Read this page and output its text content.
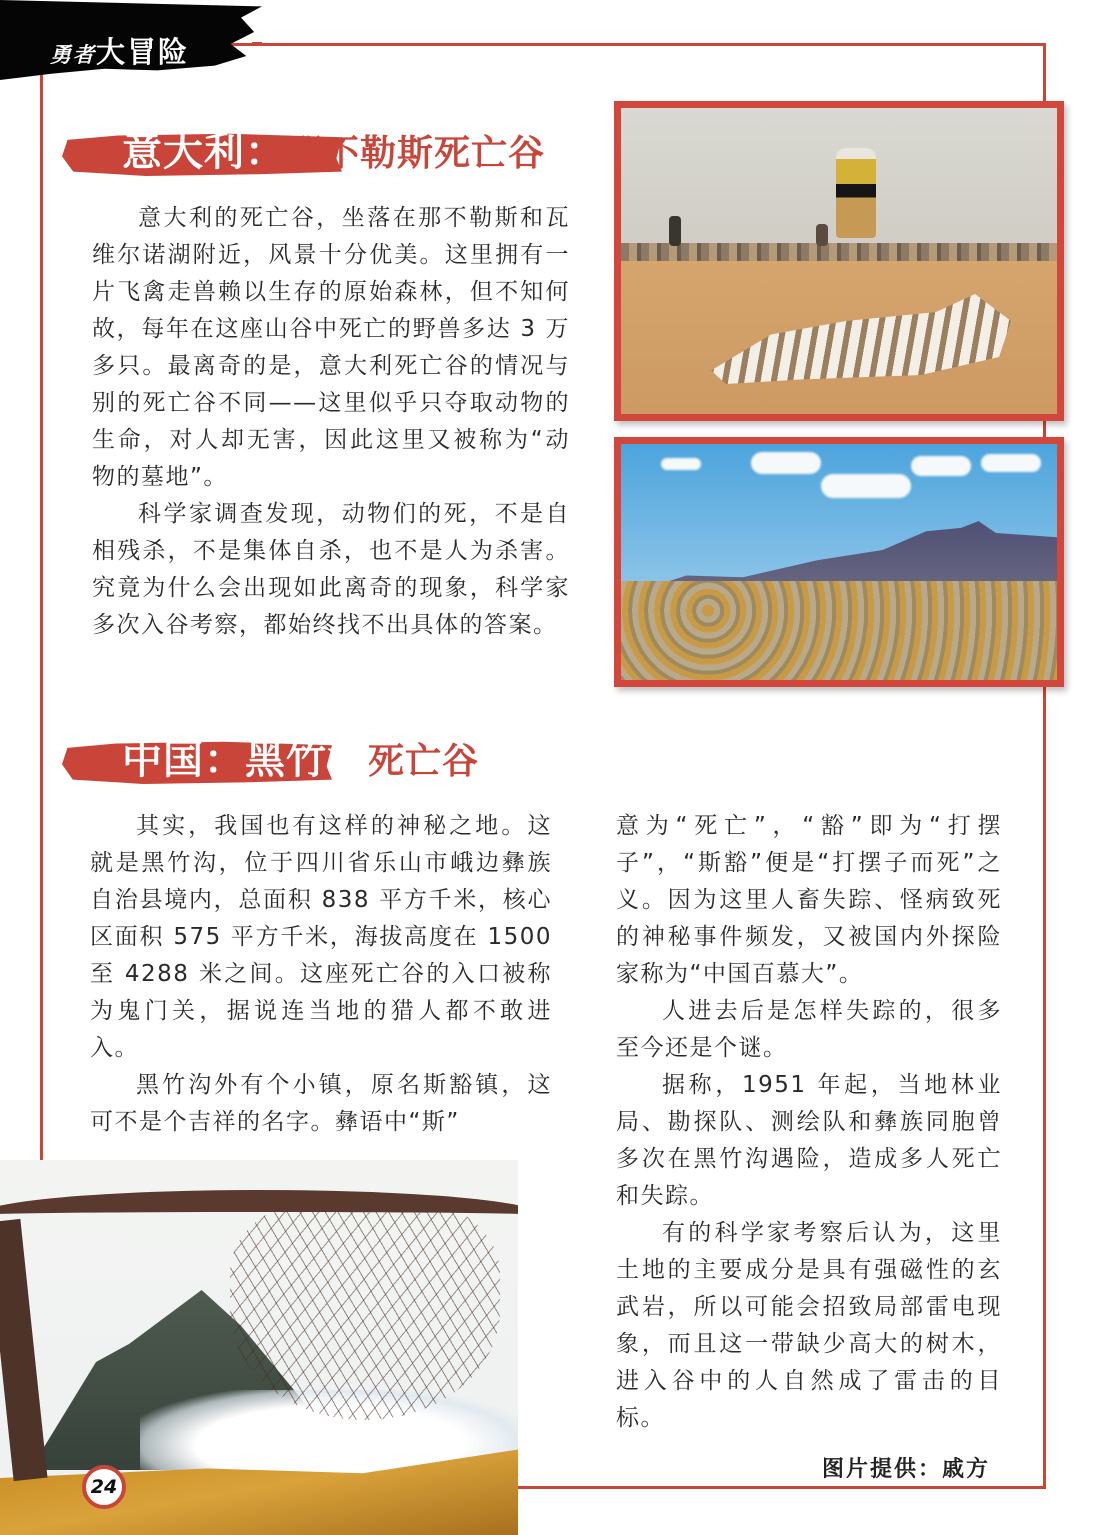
勇者大冒险
意大利：那不勒斯死亡谷

意大利的死亡谷，坐落在那不勒斯和瓦维尔诺湖附近，风景十分优美。这里拥有一片飞禽走兽赖以生存的原始森林，但不知何故，每年在这座山谷中死亡的野兽多达 3 万多只。最离奇的是，意大利死亡谷的情况与别的死亡谷不同——这里似乎只夺取动物的生命，对人却无害，因此这里又被称为“动物的墓地”。

科学家调查发现，动物们的死，不是自相残杀，不是集体自杀，也不是人为杀害。究竟为什么会出现如此离奇的现象，科学家多次入谷考察，都始终找不出具体的答案。

中国：黑竹沟死亡谷

其实，我国也有这样的神秘之地。这就是黑竹沟，位于四川省乐山市峨边彝族自治县境内，总面积 838 平方千米，核心区面积 575 平方千米，海拔高度在 1500 至 4288 米之间。这座死亡谷的入口被称为鬼门关，据说连当地的猎人都不敢进入。

黑竹沟外有个小镇，原名斯豁镇，这可不是个吉祥的名字。彝语中“斯”

意为“死亡”，“豁”即为“打摆子”，“斯豁”便是“打摆子而死”之义。因为这里人畜失踪、怪病致死的神秘事件频发，又被国内外探险家称为“中国百慕大”。

人进去后是怎样失踪的，很多至今还是个谜。

据称，1951 年起，当地林业局、勘探队、测绘队和彝族同胞曾多次在黑竹沟遇险，造成多人死亡和失踪。

有的科学家考察后认为，这里土地的主要成分是具有强磁性的玄武岩，所以可能会招致局部雷电现象，而且这一带缺少高大的树木，进入谷中的人自然成了雷击的目标。

24
图片提供：戚方
